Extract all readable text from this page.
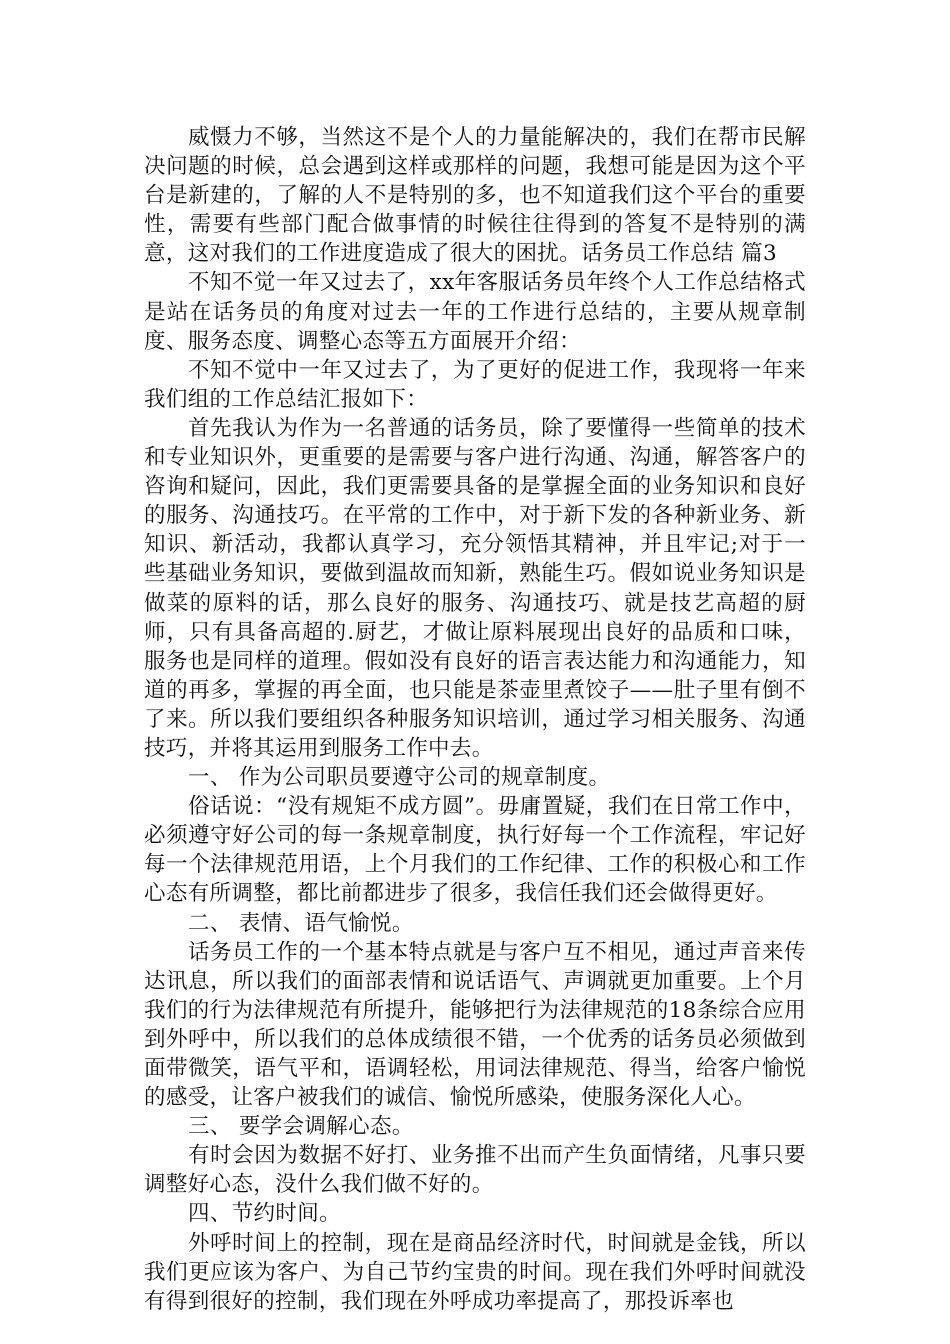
威慑力不够，当然这不是个人的力量能解决的，我们在帮市民解决问题的时候，总会遇到这样或那样的问题，我想可能是因为这个平台是新建的，了解的人不是特别的多，也不知道我们这个平台的重要性，需要有些部门配合做事情的时候往往得到的答复不是特别的满意，这对我们的工作进度造成了很大的困扰。话务员工作总结 篇3

不知不觉一年又过去了，xx年客服话务员年终个人工作总结格式是站在话务员的角度对过去一年的工作进行总结的，主要从规章制度、服务态度、调整心态等五方面展开介绍：

不知不觉中一年又过去了，为了更好的促进工作，我现将一年来我们组的工作总结汇报如下：

首先我认为作为一名普通的话务员，除了要懂得一些简单的技术和专业知识外，更重要的是需要与客户进行沟通、沟通，解答客户的咨询和疑问，因此，我们更需要具备的是掌握全面的业务知识和良好的服务、沟通技巧。在平常的工作中，对于新下发的各种新业务、新知识、新活动，我都认真学习，充分领悟其精神，并且牢记;对于一些基础业务知识，要做到温故而知新，熟能生巧。假如说业务知识是做菜的原料的话，那么良好的服务、沟通技巧、就是技艺高超的厨师，只有具备高超的.厨艺，才做让原料展现出良好的品质和口味，服务也是同样的道理。假如没有良好的语言表达能力和沟通能力，知道的再多，掌握的再全面，也只能是茶壶里煮饺子——肚子里有倒不了来。所以我们要组织各种服务知识培训，通过学习相关服务、沟通技巧，并将其运用到服务工作中去。

一、 作为公司职员要遵守公司的规章制度。

俗话说：“没有规矩不成方圆”。毋庸置疑，我们在日常工作中，必须遵守好公司的每一条规章制度，执行好每一个工作流程，牢记好每一个法律规范用语，上个月我们的工作纪律、工作的积极心和工作心态有所调整，都比前都进步了很多，我信任我们还会做得更好。

二、 表情、语气愉悦。

话务员工作的一个基本特点就是与客户互不相见，通过声音来传达讯息，所以我们的面部表情和说话语气、声调就更加重要。上个月我们的行为法律规范有所提升，能够把行为法律规范的18条综合应用到外呼中，所以我们的总体成绩很不错，一个优秀的话务员必须做到面带微笑，语气平和，语调轻松，用词法律规范、得当，给客户愉悦的感受，让客户被我们的诚信、愉悦所感染，使服务深化人心。

三、 要学会调解心态。

有时会因为数据不好打、业务推不出而产生负面情绪，凡事只要调整好心态，没什么我们做不好的。

四、节约时间。

外呼时间上的控制，现在是商品经济时代，时间就是金钱，所以我们更应该为客户、为自己节约宝贵的时间。现在我们外呼时间就没有得到很好的控制，我们现在外呼成功率提高了，那投诉率也
